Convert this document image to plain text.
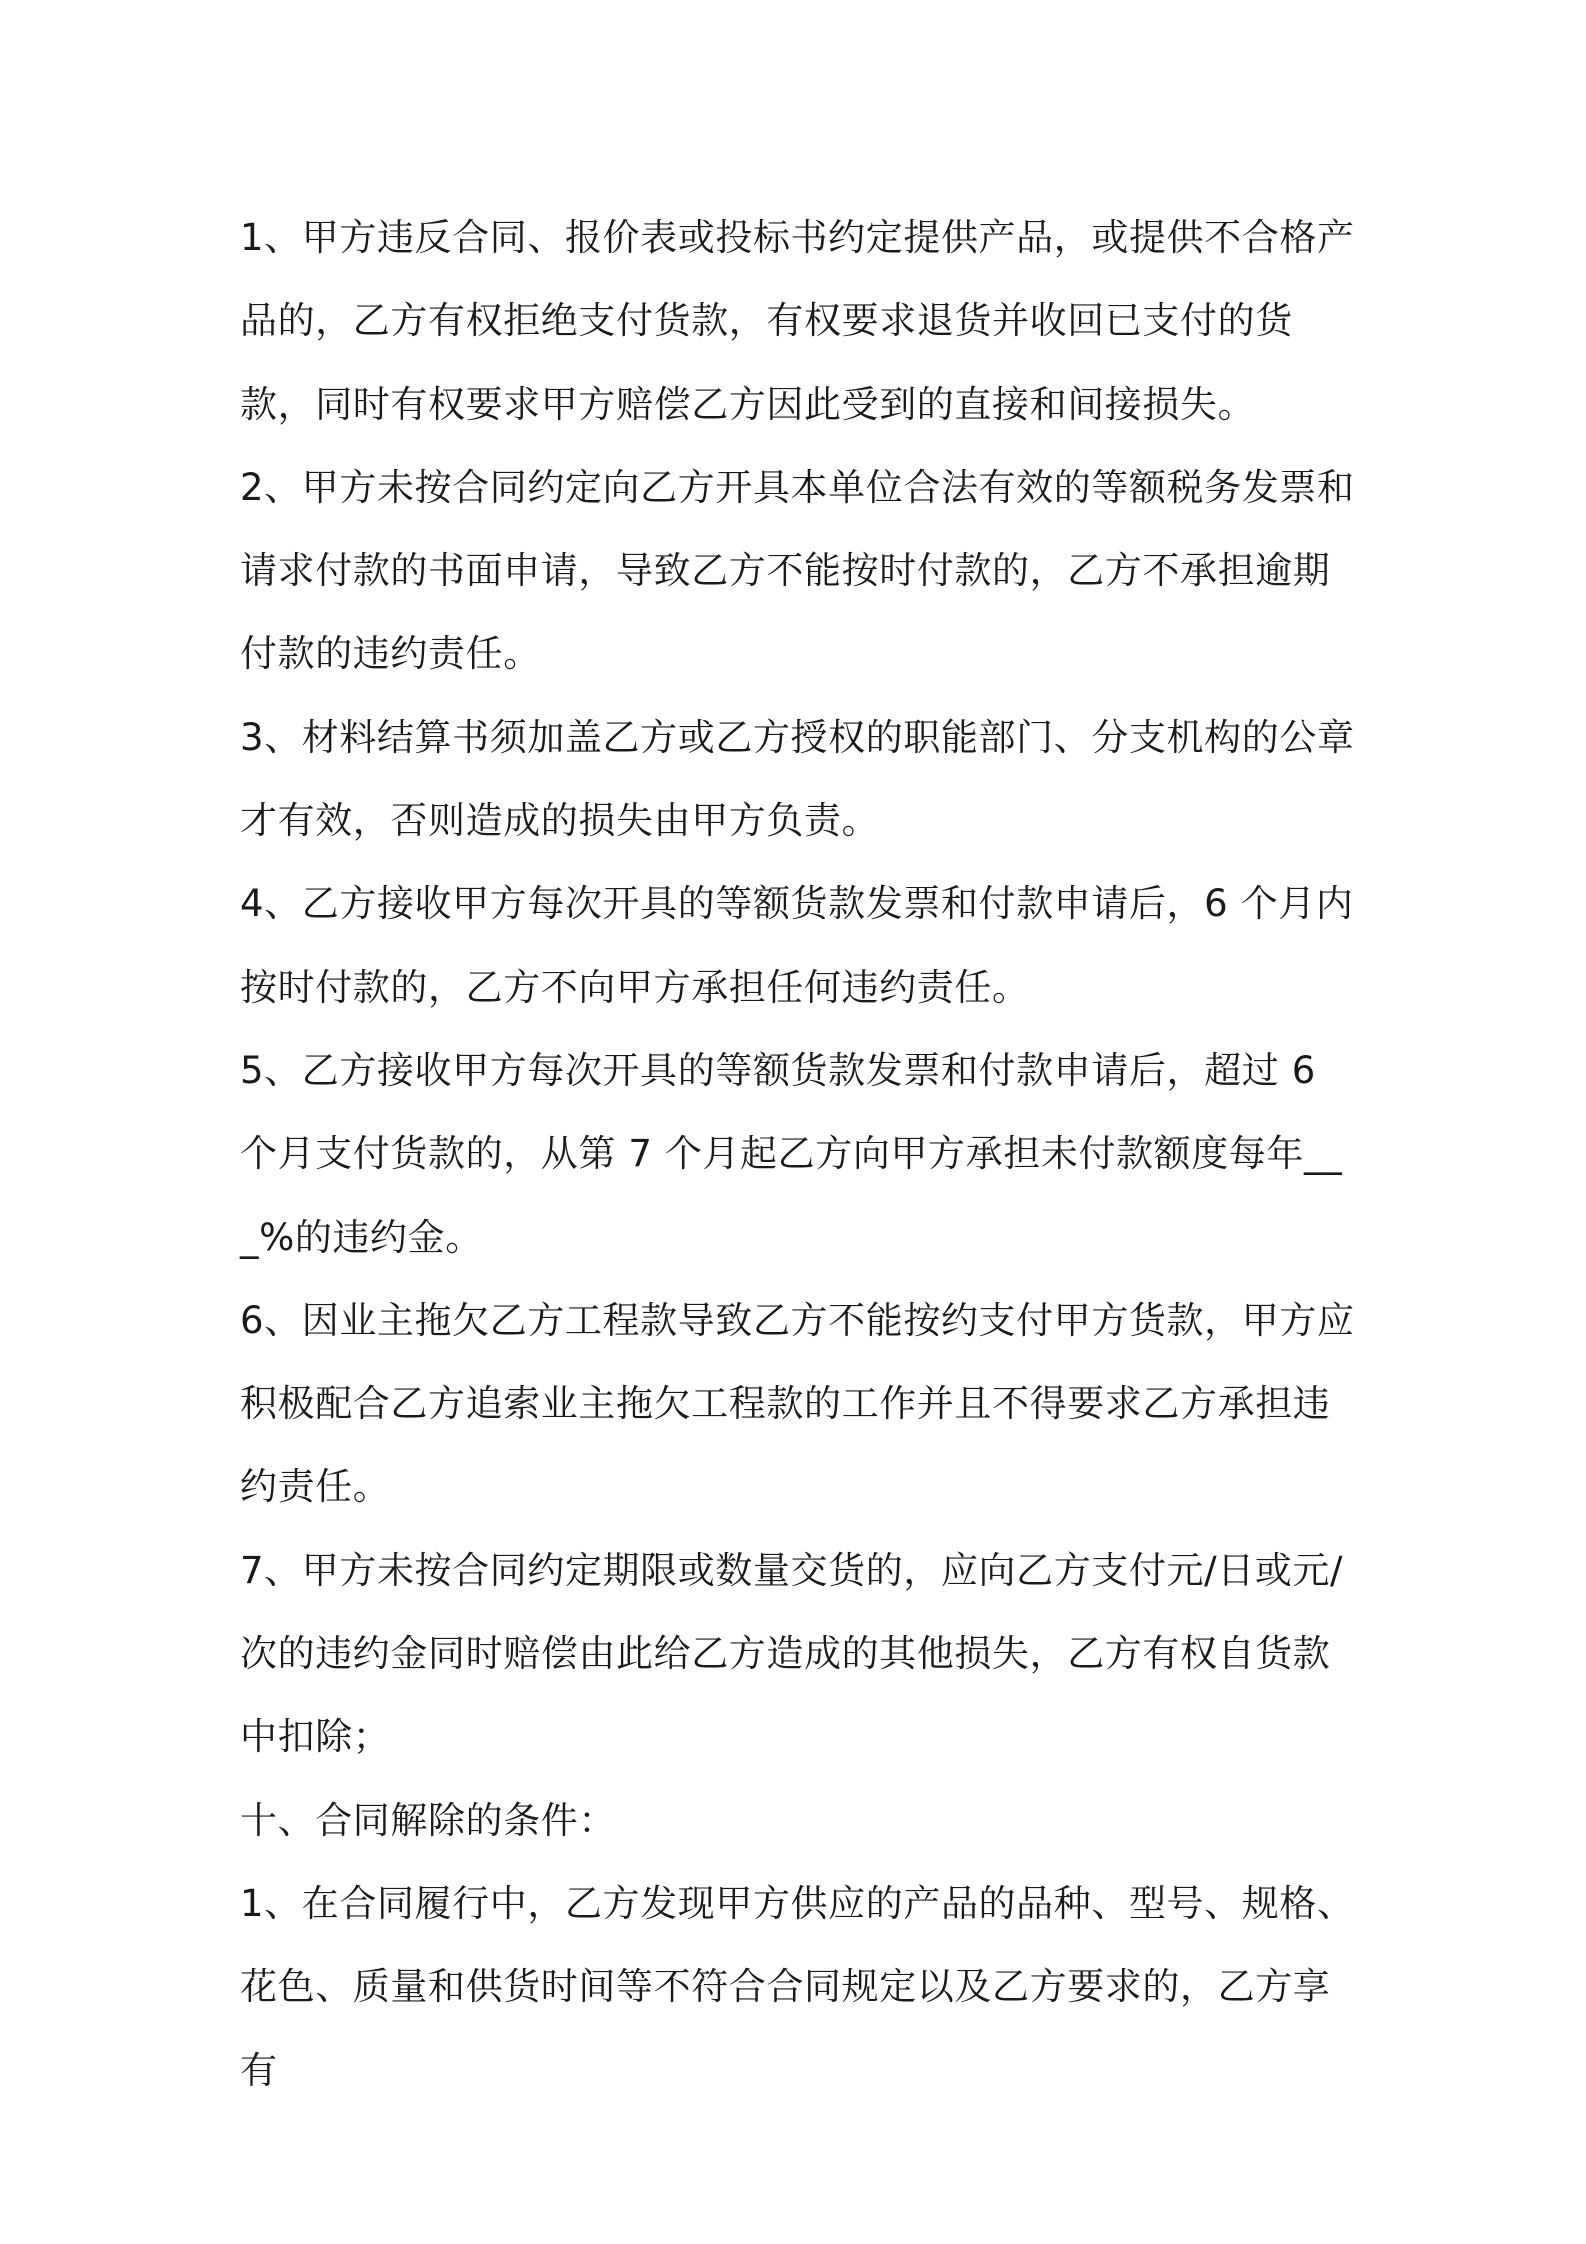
1、甲方违反合同、报价表或投标书约定提供产品，或提供不合格产品的，乙方有权拒绝支付货款，有权要求退货并收回已支付的货款，同时有权要求甲方赔偿乙方因此受到的直接和间接损失。

2、甲方未按合同约定向乙方开具本单位合法有效的等额税务发票和请求付款的书面申请，导致乙方不能按时付款的，乙方不承担逾期付款的违约责任。

3、材料结算书须加盖乙方或乙方授权的职能部门、分支机构的公章才有效，否则造成的损失由甲方负责。

4、乙方接收甲方每次开具的等额货款发票和付款申请后，6 个月内按时付款的，乙方不向甲方承担任何违约责任。

5、乙方接收甲方每次开具的等额货款发票和付款申请后，超过 6 个月支付货款的，从第 7 个月起乙方向甲方承担未付款额度每年___%的违约金。

6、因业主拖欠乙方工程款导致乙方不能按约支付甲方货款，甲方应积极配合乙方追索业主拖欠工程款的工作并且不得要求乙方承担违约责任。

7、甲方未按合同约定期限或数量交货的，应向乙方支付元/日或元/次的违约金同时赔偿由此给乙方造成的其他损失，乙方有权自货款中扣除；

十、合同解除的条件：

1、在合同履行中，乙方发现甲方供应的产品的品种、型号、规格、花色、质量和供货时间等不符合合同规定以及乙方要求的，乙方享有
